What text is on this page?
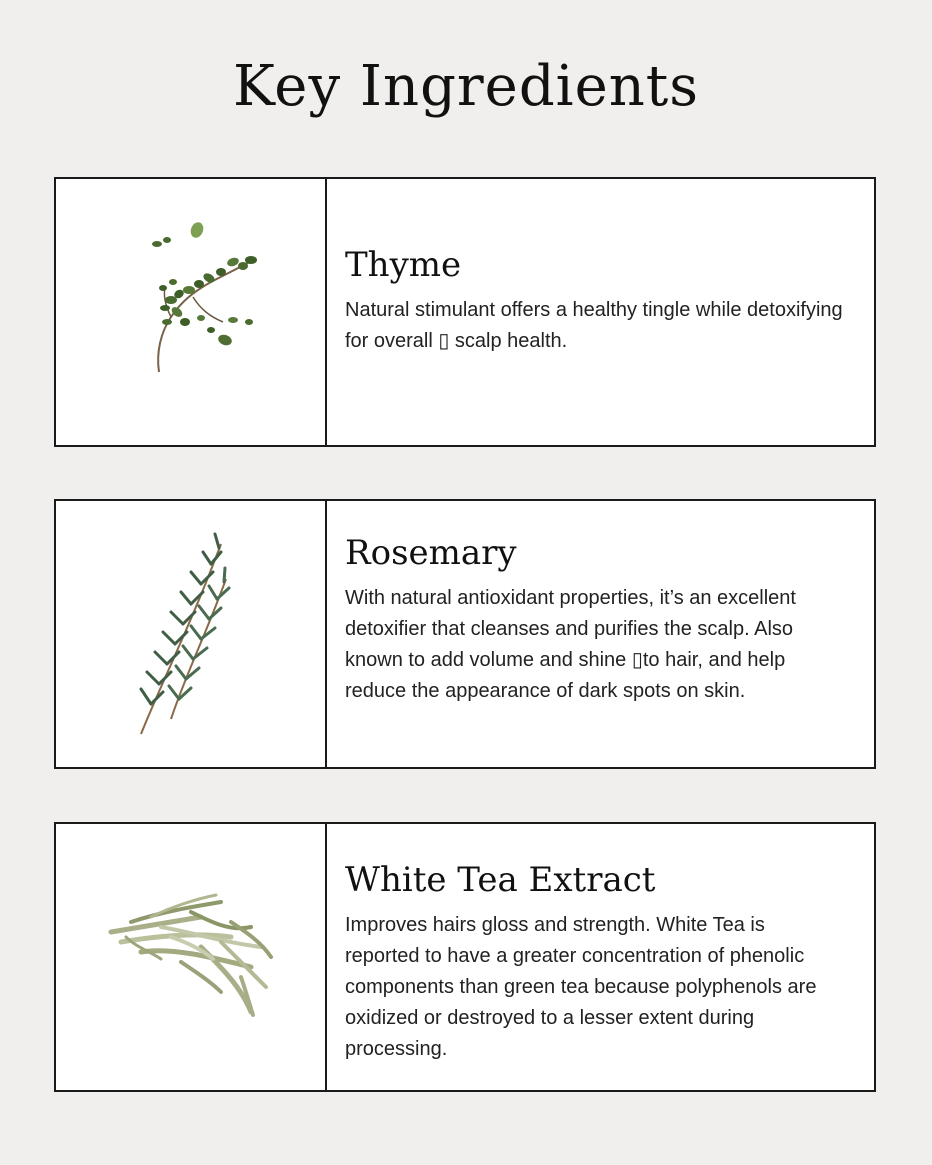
Key Ingredients
Thyme

Natural stimulant offers a healthy tingle while detoxifying for overall ▯ scalp health.

Rosemary

With natural antioxidant properties, it’s an excellent detoxifier that cleanses and purifies the scalp. Also known to add volume and shine ▯to hair, and help reduce the appearance of dark spots on skin.

White Tea Extract

Improves hairs gloss and strength. White Tea is reported to have a greater concentration of phenolic components than green tea because polyphenols are oxidized or destroyed to a lesser extent during processing.
